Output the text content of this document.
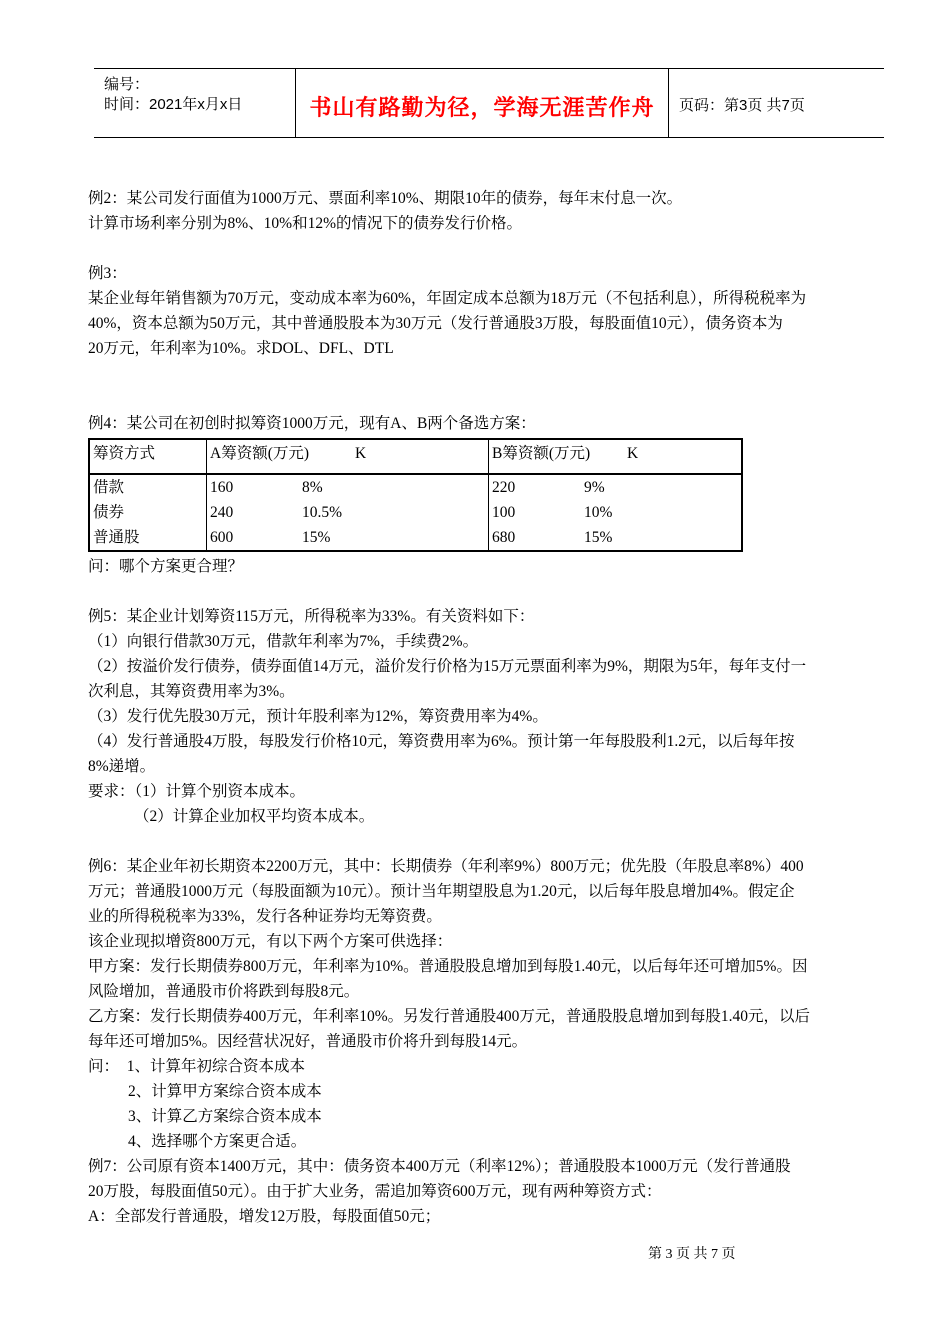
编号：
时间：2021年x月x日	书山有路勤为径，学海无涯苦作舟	页码：第3页 共7页
例2：某公司发行面值为1000万元、票面利率10%、期限10年的债券，每年末付息一次。
计算市场利率分别为8%、10%和12%的情况下的债券发行价格。
例3：
某企业每年销售额为70万元，变动成本率为60%，年固定成本总额为18万元（不包括利息），所得税税率为
40%，资本总额为50万元，其中普通股股本为30万元（发行普通股3万股，每股面值10元），债务资本为
20万元，年利率为10%。求DOL、DFL、DTL
例4：某公司在初创时拟筹资1000万元，现有A、B两个备选方案：
筹资方式	A筹资额(万元) K	B筹资额(万元) K
借款	160 8%	220 9%
债券	240 10.5%	100 10%
普通股	600 15%	680 15%
问：哪个方案更合理？
例5：某企业计划筹资115万元，所得税率为33%。有关资料如下：
（1）向银行借款30万元，借款年利率为7%，手续费2%。
（2）按溢价发行债券，债券面值14万元，溢价发行价格为15万元票面利率为9%，期限为5年，每年支付一
次利息，其筹资费用率为3%。
（3）发行优先股30万元，预计年股利率为12%，筹资费用率为4%。
（4）发行普通股4万股，每股发行价格10元，筹资费用率为6%。预计第一年每股股利1.2元，以后每年按
8%递增。
要求：（1）计算个别资本成本。
（2）计算企业加权平均资本成本。
例6：某企业年初长期资本2200万元，其中：长期债券（年利率9%）800万元；优先股（年股息率8%）400
万元；普通股1000万元（每股面额为10元）。预计当年期望股息为1.20元，以后每年股息增加4%。假定企
业的所得税税率为33%，发行各种证券均无筹资费。
该企业现拟增资800万元，有以下两个方案可供选择：
甲方案：发行长期债券800万元，年利率为10%。普通股股息增加到每股1.40元，以后每年还可增加5%。因
风险增加，普通股市价将跌到每股8元。
乙方案：发行长期债券400万元，年利率10%。另发行普通股400万元，普通股股息增加到每股1.40元，以后
每年还可增加5%。因经营状况好，普通股市价将升到每股14元。
问：  1、计算年初综合资本成本
2、计算甲方案综合资本成本
3、计算乙方案综合资本成本
4、选择哪个方案更合适。
例7：公司原有资本1400万元，其中：债务资本400万元（利率12%）；普通股股本1000万元（发行普通股
20万股，每股面值50元）。由于扩大业务，需追加筹资600万元，现有两种筹资方式：
A：全部发行普通股，增发12万股，每股面值50元；
第 3 页 共 7 页
